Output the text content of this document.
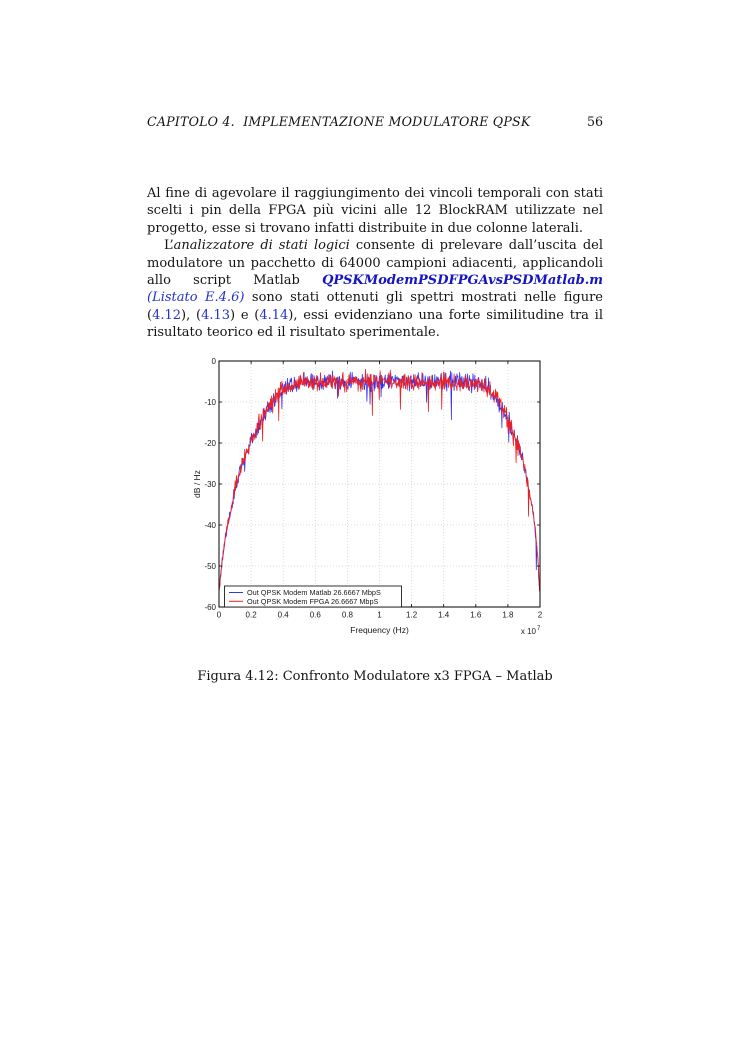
CAPITOLO 4.  IMPLEMENTAZIONE MODULATORE QPSK	56

Al fine di agevolare il raggiungimento dei vincoli temporali con stati scelti i pin della FPGA più vicini alle 12 BlockRAM utilizzate nel progetto, esse si trovano infatti distribuite in due colonne laterali.

L’analizzatore di stati logici consente di prelevare dall’uscita del modulatore un pacchetto di 64000 campioni adiacenti, applicandoli allo script Matlab QPSKModemPSDFPGAvsPSDMatlab.m (Listato E.4.6) sono stati ottenuti gli spettri mostrati nelle figure (4.12), (4.13) e (4.14), essi evidenziano una forte similitudine tra il risultato teorico ed il risultato sperimentale.

0	0.2	0.4	0.6	0.8	1	1.2	1.4	1.6	1.8	2
0
-10
-20
-30
-40
-50
-60
Frequency (Hz)
dB / Hz
x 10 7
Out QPSK Modem Matlab 26.6667 MbpS
Out QPSK Modem FPGA 26.6667 MbpS
Figura 4.12: Confronto Modulatore x3 FPGA – Matlab
